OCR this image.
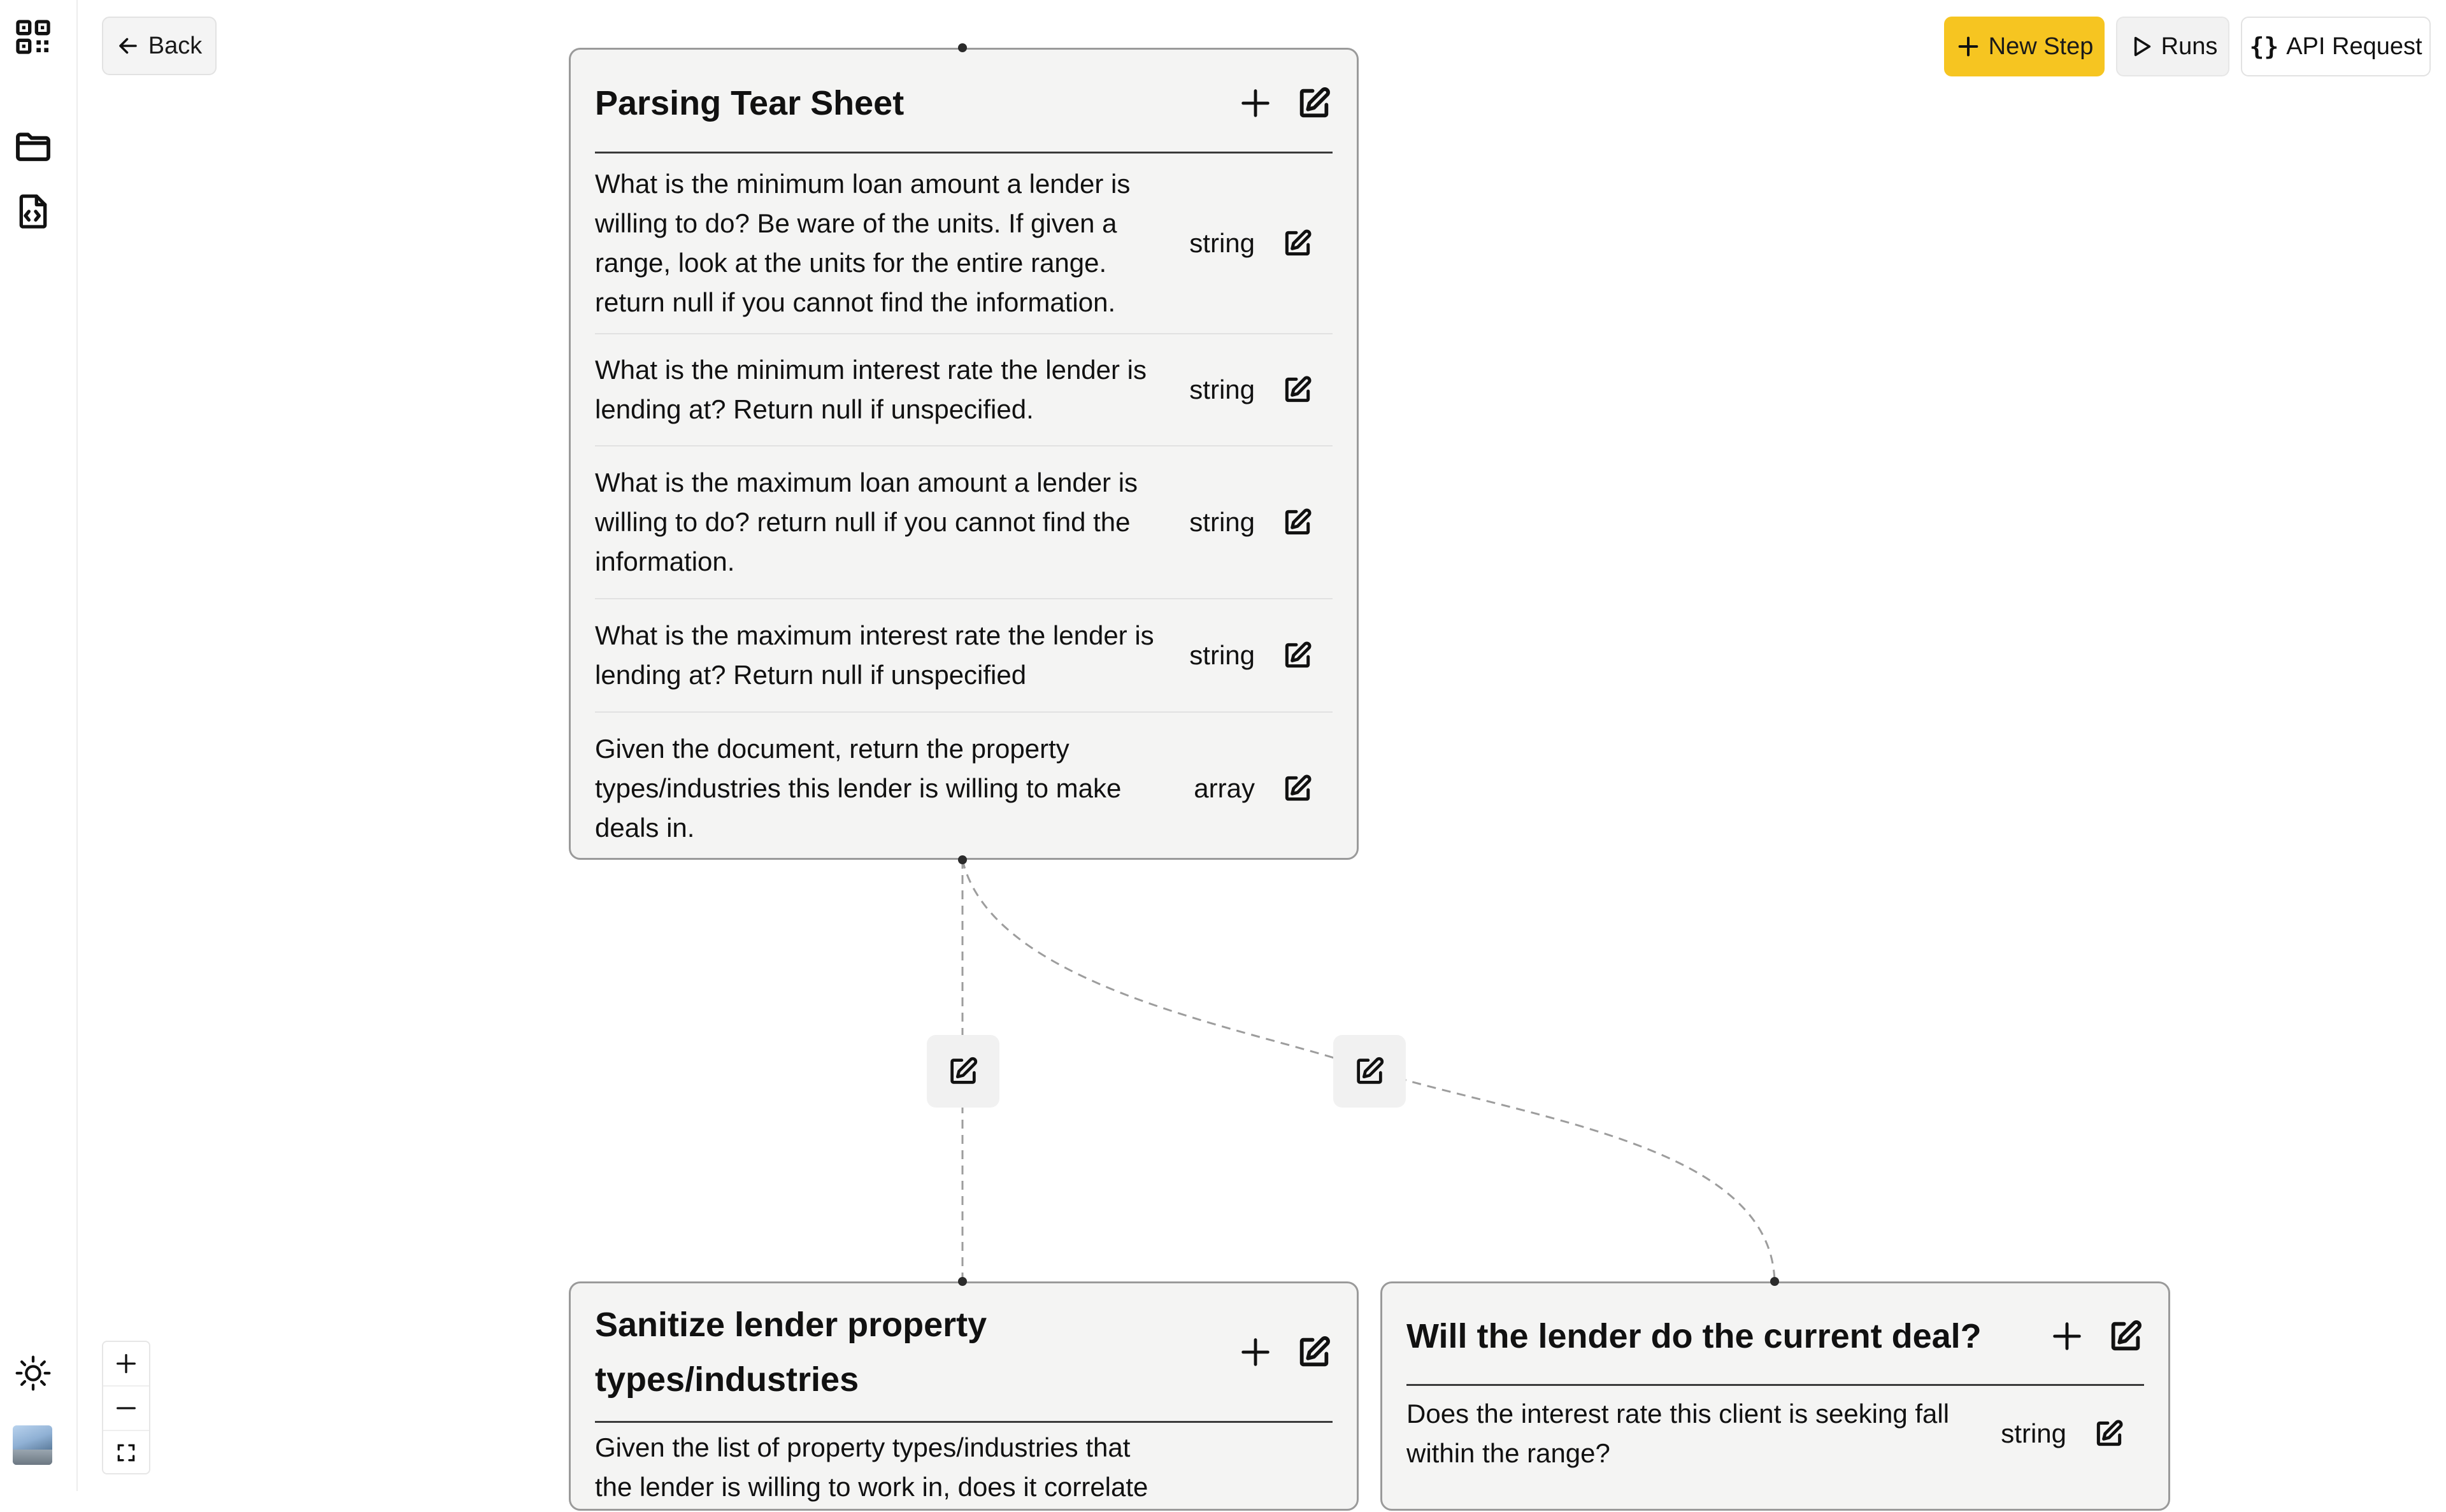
Back	New Step	Runs {} API Request
Parsing Tear Sheet
What is the minimum loan amount a lender is willing to do? Be ware of the units. If given a range, look at the units for the entire range. return null if you cannot find the information.
string
What is the minimum interest rate the lender is lending at? Return null if unspecified.
string
What is the maximum loan amount a lender is willing to do? return null if you cannot find the information.
string
What is the maximum interest rate the lender is lending at? Return null if unspecified
string
Given the document, return the property types/industries this lender is willing to make deals in.
array
Sanitize lender property types/industries
Given the list of property types/industries that the lender is willing to work in, does it correlate
Will the lender do the current deal?
Does the interest rate this client is seeking fall within the range?
string
